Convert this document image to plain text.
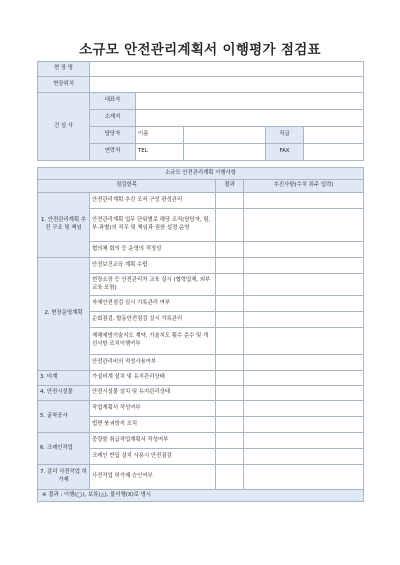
소규모 안전관리계획서 이행평가 점검표
현 장 명					
현장위치					
건 설 사	대표자				
	소재지				
	담당자	이름		직급	
	연락처	TEL		FAX	
소규모 안전관리계획 이행사항			
점검항목		결과	추진사항(수치 위주 입력)
1. 안전관리계획 추진 구조 및 책임	안전관리계획 추진 조직 구성 편성관리		
	안전관리계획 업무 단위별로 해당 조직(담당자, 팀, 부·과별)의 직무 및 책임과 권한 설정 운영		
	협의체 회의 등 운영의 적정성		
2. 현장운영계획	안전보건교육 계획 수립		
	현장소장 등 안전관리자 교육 실시 (협력업체, 외부 교육 포함)		
	자체안전점검 실시 기록관리 여부		
	순회점검, 합동안전점검 실시 기록관리		
	재해예방기술지도 계약, 기술지도 횟수 준수 및 개선사항 조치이행여부		
	안전관리비의 적정사용여부		
3. 비계	가설비계 설치 및 유지관리상태		
4. 안전시설물	안전시설물 설치 및 유지관리상태		
5. 굴착공사	작업계획서 작성여부		
	법면 붕괴방지 조치		
6. 크레인작업	중량물 취급작업계획서 작성여부		
	크레인 반입 설치 사용시 안전점검		
7. 감리 사전작업 허가제	사전작업 허가제 승인여부		
※ 결과 : 이행(◯), 보류(△), 불이행(X)로 명시			
